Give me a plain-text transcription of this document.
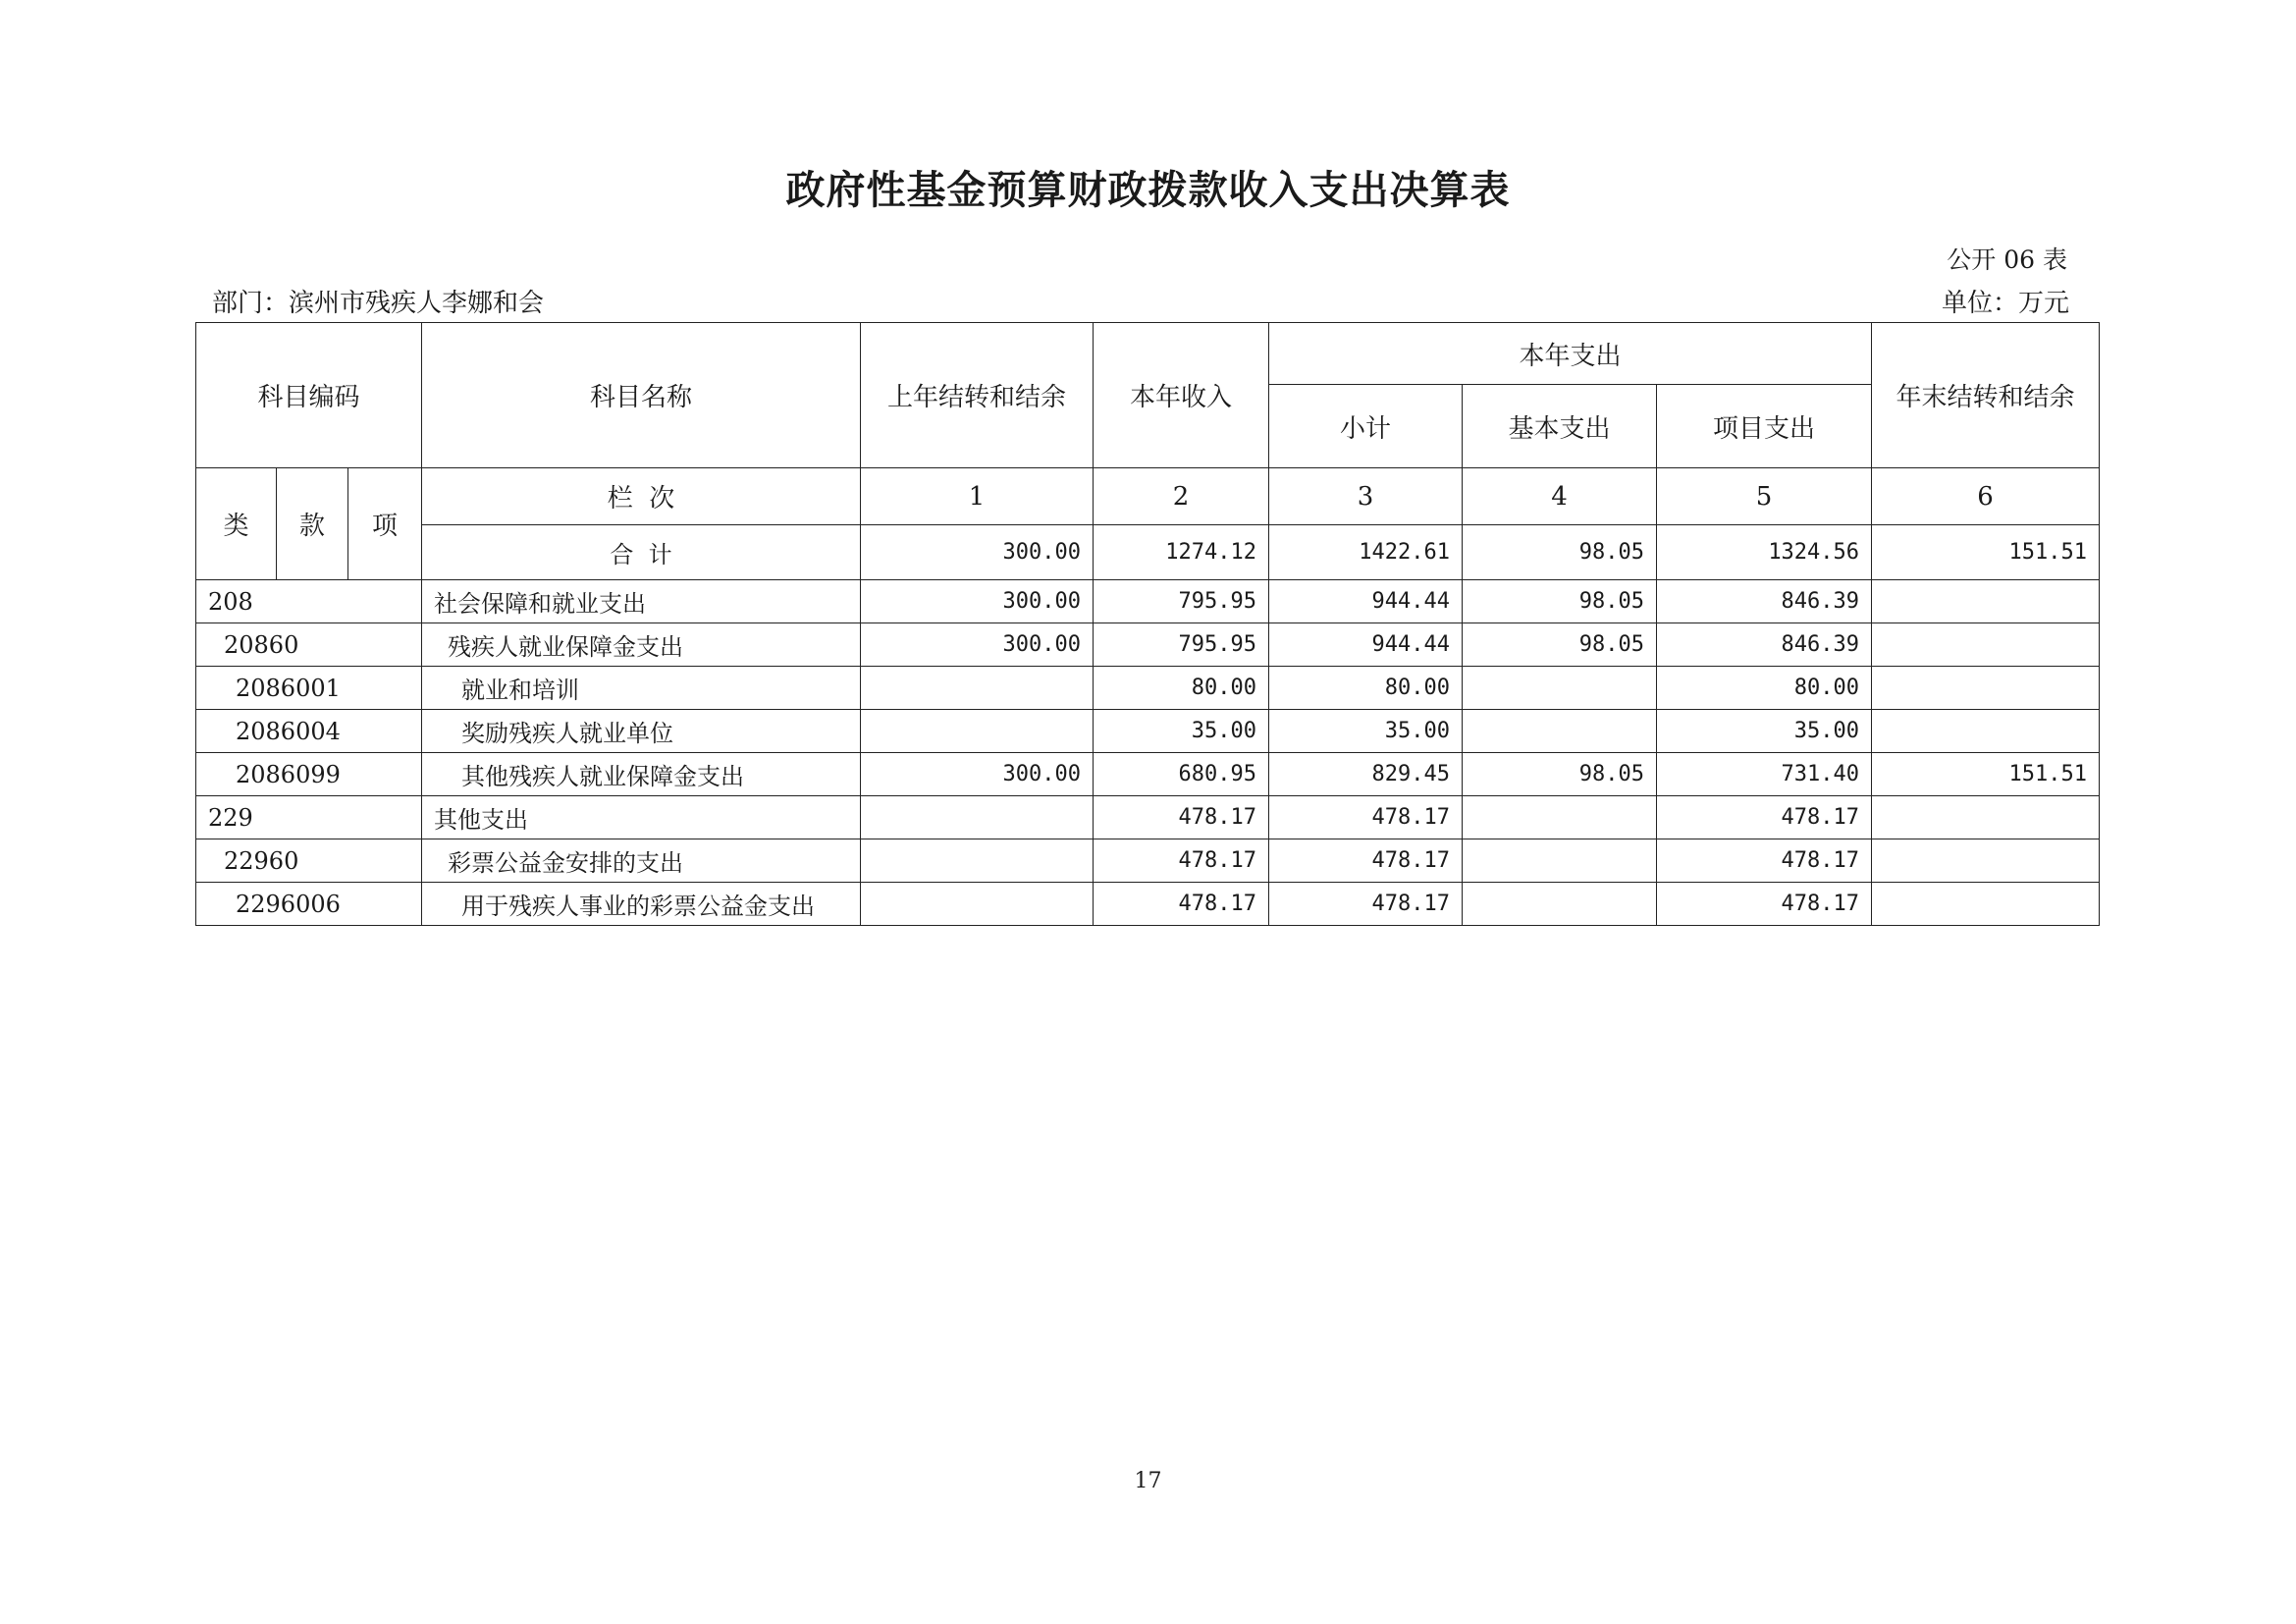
政府性基金预算财政拨款收入支出决算表
公开 06 表
部门：滨州市残疾人李娜和会	单位：万元
科目编码			科目名称	上年结转和结余	本年收入	本年支出			年末结转和结余
						小计	基本支出	项目支出	
类	款	项	栏  次	1	2	3	4	5	6
			合  计	300.00	1274.12	1422.61	98.05	1324.56	151.51
208			社会保障和就业支出	300.00	795.95	944.44	98.05	846.39	
20860			残疾人就业保障金支出	300.00	795.95	944.44	98.05	846.39	
2086001			就业和培训		80.00	80.00		80.00	
2086004			奖励残疾人就业单位		35.00	35.00		35.00	
2086099			其他残疾人就业保障金支出	300.00	680.95	829.45	98.05	731.40	151.51
229			其他支出		478.17	478.17		478.17	
22960			彩票公益金安排的支出		478.17	478.17		478.17	
2296006			用于残疾人事业的彩票公益金支出		478.17	478.17		478.17	
17
